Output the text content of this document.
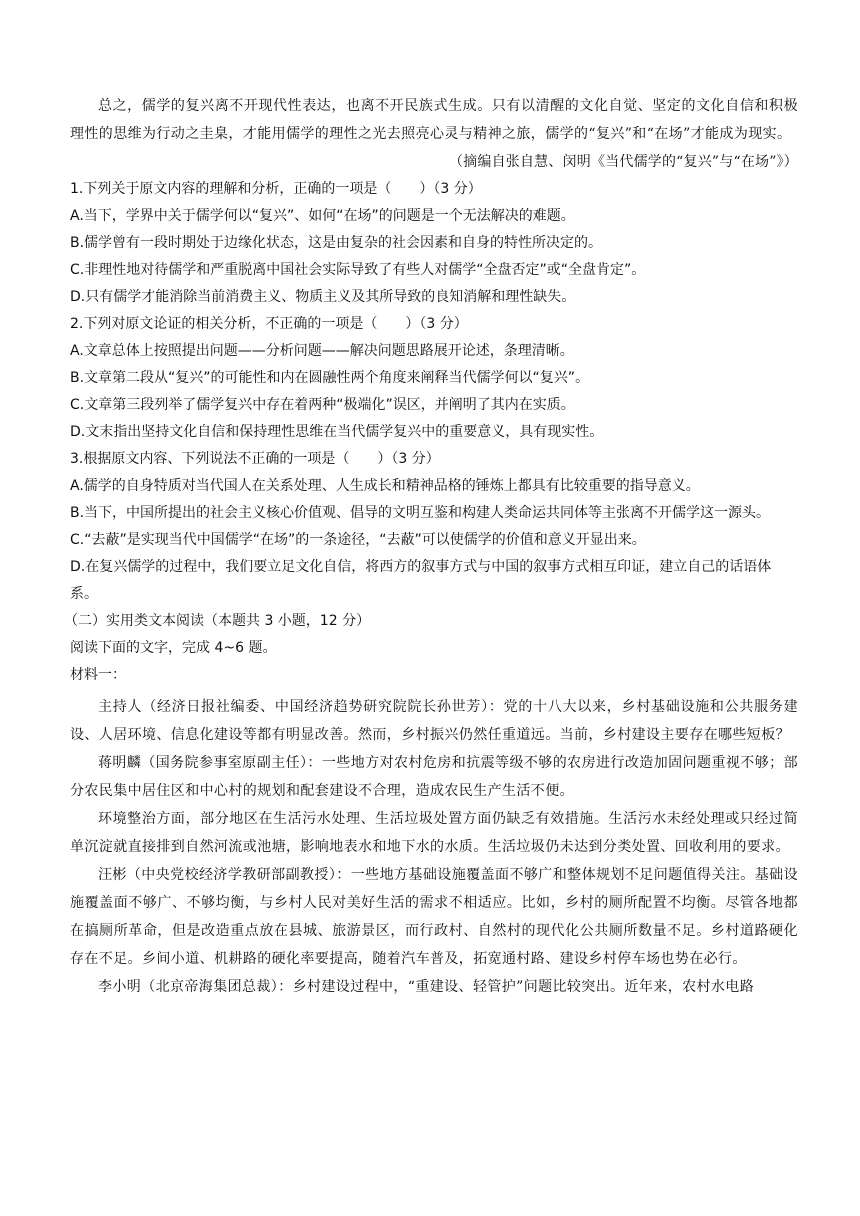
总之，儒学的复兴离不开现代性表达，也离不开民族式生成。只有以清醒的文化自觉、坚定的文化自信和积极理性的思维为行动之圭臬，才能用儒学的理性之光去照亮心灵与精神之旅，儒学的“复兴”和“在场”才能成为现实。

（摘编自张自慧、闵明《当代儒学的“复兴”与“在场”》）

1.下列关于原文内容的理解和分析，正确的一项是（　　）（3 分）

A.当下，学界中关于儒学何以“复兴”、如何“在场”的问题是一个无法解决的难题。

B.儒学曾有一段时期处于边缘化状态，这是由复杂的社会因素和自身的特性所决定的。

C.非理性地对待儒学和严重脱离中国社会实际导致了有些人对儒学“全盘否定”或“全盘肯定”。

D.只有儒学才能消除当前消费主义、物质主义及其所导致的良知消解和理性缺失。

2.下列对原文论证的相关分析，不正确的一项是（　　）（3 分）

A.文章总体上按照提出问题——分析问题——解决问题思路展开论述，条理清晰。

B.文章第二段从“复兴”的可能性和内在圆融性两个角度来阐释当代儒学何以“复兴”。

C.文章第三段列举了儒学复兴中存在着两种“极端化”误区，并阐明了其内在实质。

D.文末指出坚持文化自信和保持理性思维在当代儒学复兴中的重要意义，具有现实性。

3.根据原文内容、下列说法不正确的一项是（　　）（3 分）

A.儒学的自身特质对当代国人在关系处理、人生成长和精神品格的锤炼上都具有比较重要的指导意义。

B.当下，中国所提出的社会主义核心价值观、倡导的文明互鉴和构建人类命运共同体等主张离不开儒学这一源头。

C.“去蔽”是实现当代中国儒学“在场”的一条途径，“去蔽”可以使儒学的价值和意义开显出来。

D.在复兴儒学的过程中，我们要立足文化自信，将西方的叙事方式与中国的叙事方式相互印证，建立自己的话语体系。

（二）实用类文本阅读（本题共 3 小题，12 分）

阅读下面的文字，完成 4~6 题。

材料一：

主持人（经济日报社编委、中国经济趋势研究院院长孙世芳）：党的十八大以来，乡村基础设施和公共服务建设、人居环境、信息化建设等都有明显改善。然而，乡村振兴仍然任重道远。当前，乡村建设主要存在哪些短板？

蒋明麟（国务院参事室原副主任）：一些地方对农村危房和抗震等级不够的农房进行改造加固问题重视不够；部分农民集中居住区和中心村的规划和配套建设不合理，造成农民生产生活不便。

环境整治方面，部分地区在生活污水处理、生活垃圾处置方面仍缺乏有效措施。生活污水未经处理或只经过简单沉淀就直接排到自然河流或池塘，影响地表水和地下水的水质。生活垃圾仍未达到分类处置、回收利用的要求。

汪彬（中央党校经济学教研部副教授）：一些地方基础设施覆盖面不够广和整体规划不足问题值得关注。基础设施覆盖面不够广、不够均衡，与乡村人民对美好生活的需求不相适应。比如，乡村的厕所配置不均衡。尽管各地都在搞厕所革命，但是改造重点放在县城、旅游景区，而行政村、自然村的现代化公共厕所数量不足。乡村道路硬化存在不足。乡间小道、机耕路的硬化率要提高，随着汽车普及，拓宽通村路、建设乡村停车场也势在必行。

李小明（北京帝海集团总裁）：乡村建设过程中，“重建设、轻管护”问题比较突出。近年来，农村水电路
